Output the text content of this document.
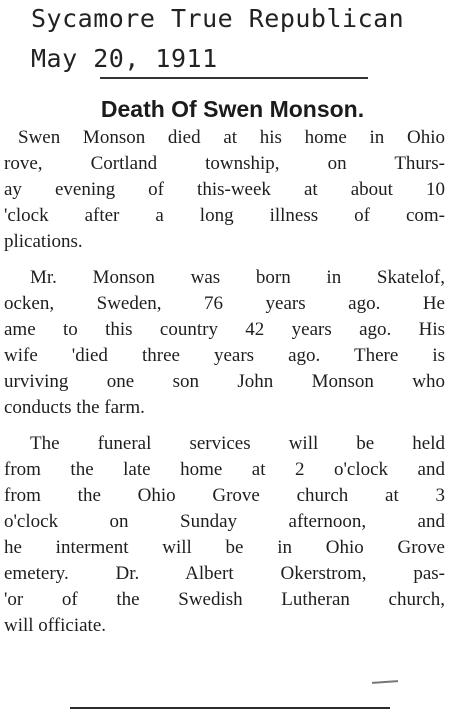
Sycamore True Republican
May 20, 1911
Death Of Swen Monson.
Swen Monson died at his home in Ohio
rove, Cortland township, on Thurs-
ay evening of this-week at about 10
'clock after a long illness of com-
plications.
Mr. Monson was born in Skatelof,
ocken, Sweden, 76 years ago. He
ame to this country 42 years ago. His
wife 'died three years ago. There is
urviving one son John Monson who
conducts the farm.
The funeral services will be held
from the late home at 2 o'clock and
from the Ohio Grove church at 3
o'clock on Sunday afternoon, and
he interment will be in Ohio Grove
emetery. Dr. Albert Okerstrom, pas-
'or of the Swedish Lutheran church,
will officiate.
